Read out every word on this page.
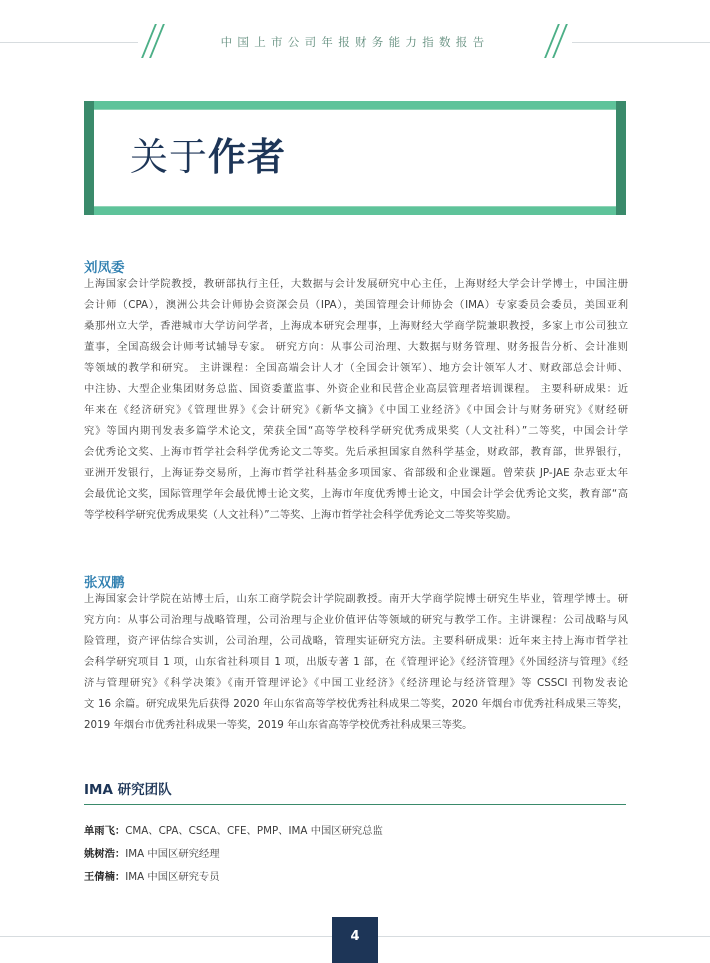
中国上市公司年报财务能力指数报告
关于作者
刘凤委
上海国家会计学院教授，教研部执行主任，大数据与会计发展研究中心主任，上海财经大学会计学博士，中国注册
会计师（CPA），澳洲公共会计师协会资深会员（IPA），美国管理会计师协会（IMA）专家委员会委员，美国亚利
桑那州立大学，香港城市大学访问学者，上海成本研究会理事，上海财经大学商学院兼职教授，多家上市公司独立
董事，全国高级会计师考试辅导专家。 研究方向：从事公司治理、大数据与财务管理、财务报告分析、会计准则
等领域的教学和研究。 主讲课程：全国高端会计人才（全国会计领军）、地方会计领军人才、财政部总会计师、
中注协、大型企业集团财务总监、国资委董监事、外资企业和民营企业高层管理者培训课程。 主要科研成果：近
年来在《经济研究》《管理世界》《会计研究》《新华文摘》《中国工业经济》《中国会计与财务研究》《财经研
究》等国内期刊发表多篇学术论文，荣获全国“高等学校科学研究优秀成果奖（人文社科）”二等奖，中国会计学
会优秀论文奖、上海市哲学社会科学优秀论文二等奖。先后承担国家自然科学基金，财政部，教育部，世界银行，
亚洲开发银行，上海证券交易所，上海市哲学社科基金多项国家、省部级和企业课题。曾荣获 JP-JAE 杂志亚太年
会最优论文奖，国际管理学年会最优博士论文奖，上海市年度优秀博士论文，中国会计学会优秀论文奖，教育部“高
等学校科学研究优秀成果奖（人文社科）”二等奖、上海市哲学社会科学优秀论文二等奖等奖励。
张双鹏
上海国家会计学院在站博士后，山东工商学院会计学院副教授。南开大学商学院博士研究生毕业，管理学博士。研
究方向：从事公司治理与战略管理，公司治理与企业价值评估等领域的研究与教学工作。主讲课程：公司战略与风
险管理，资产评估综合实训，公司治理，公司战略，管理实证研究方法。主要科研成果：近年来主持上海市哲学社
会科学研究项目 1 项，山东省社科项目 1 项，出版专著 1 部，在《管理评论》《经济管理》《外国经济与管理》《经
济与管理研究》《科学决策》《南开管理评论》《中国工业经济》《经济理论与经济管理》等 CSSCI 刊物发表论
文 16 余篇。研究成果先后获得 2020 年山东省高等学校优秀社科成果二等奖，2020 年烟台市优秀社科成果三等奖，
2019 年烟台市优秀社科成果一等奖，2019 年山东省高等学校优秀社科成果三等奖。
IMA 研究团队
单雨飞：CMA、CPA、CSCA、CFE、PMP、IMA 中国区研究总监
姚树浩：IMA 中国区研究经理
王倩楠：IMA 中国区研究专员
4
